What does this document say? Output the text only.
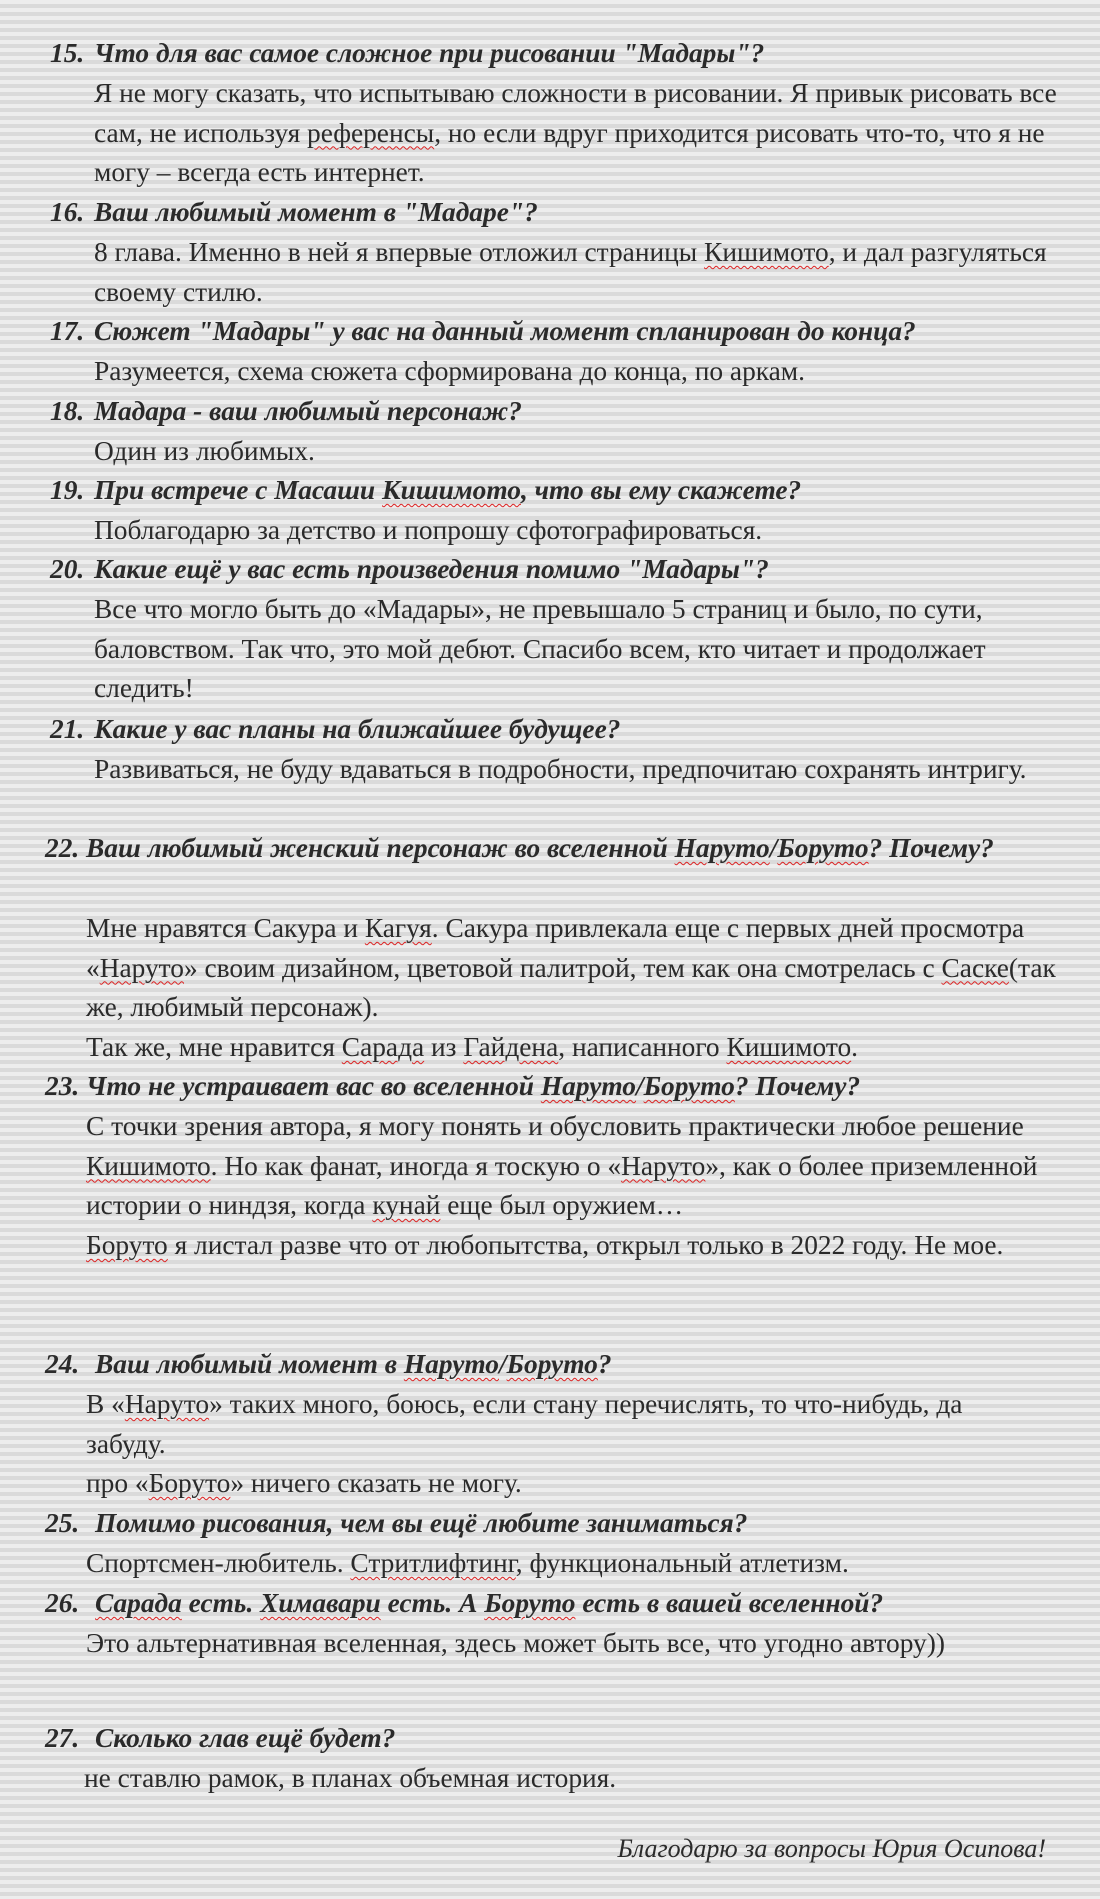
15. Что для вас самое сложное при рисовании "Мадары"?

Я не могу сказать, что испытываю сложности в рисовании. Я привык рисовать все сам, не используя референсы, но если вдруг приходится рисовать что-то, что я не могу – всегда есть интернет.

16. Ваш любимый момент в "Мадаре"?

8 глава. Именно в ней я впервые отложил страницы Кишимото, и дал разгуляться своему стилю.

17. Сюжет "Мадары" у вас на данный момент спланирован до конца?

Разумеется, схема сюжета сформирована до конца, по аркам.

18. Мадара - ваш любимый персонаж?

Один из любимых.

19. При встрече с Масаши Кишимото, что вы ему скажете?

Поблагодарю за детство и попрошу сфотографироваться.

20. Какие ещё у вас есть произведения помимо "Мадары"?

Все что могло быть до «Мадары», не превышало 5 страниц и было, по сути, баловством. Так что, это мой дебют. Спасибо всем, кто читает и продолжает следить!

21. Какие у вас планы на ближайшее будущее?

Развиваться, не буду вдаваться в подробности, предпочитаю сохранять интригу.

22. Ваш любимый женский персонаж во вселенной Наруто/Боруто? Почему?

Мне нравятся Сакура и Кагуя. Сакура привлекала еще с первых дней просмотра «Наруто» своим дизайном, цветовой палитрой, тем как она смотрелась с Саске(так же, любимый персонаж).

Так же, мне нравится Сарада из Гайдена, написанного Кишимото.

23. Что не устраивает вас во вселенной Наруто/Боруто? Почему?

С точки зрения автора, я могу понять и обусловить практически любое решение Кишимото. Но как фанат, иногда я тоскую о «Наруто», как о более приземленной истории о ниндзя, когда кунай еще был оружием…

Боруто я листал разве что от любопытства, открыл только в 2022 году. Не мое.

24. Ваш любимый момент в Наруто/Боруто?

В «Наруто» таких много, боюсь, если стану перечислять, то что-нибудь, да забуду.

про «Боруто» ничего сказать не могу.

25. Помимо рисования, чем вы ещё любите заниматься?

Спортсмен-любитель. Стритлифтинг, функциональный атлетизм.

26. Сарада есть. Химавари есть. А Боруто есть в вашей вселенной?

Это альтернативная вселенная, здесь может быть все, что угодно автору))

27. Сколько глав ещё будет?

не ставлю рамок, в планах объемная история.

Благодарю за вопросы Юрия Осипова!
